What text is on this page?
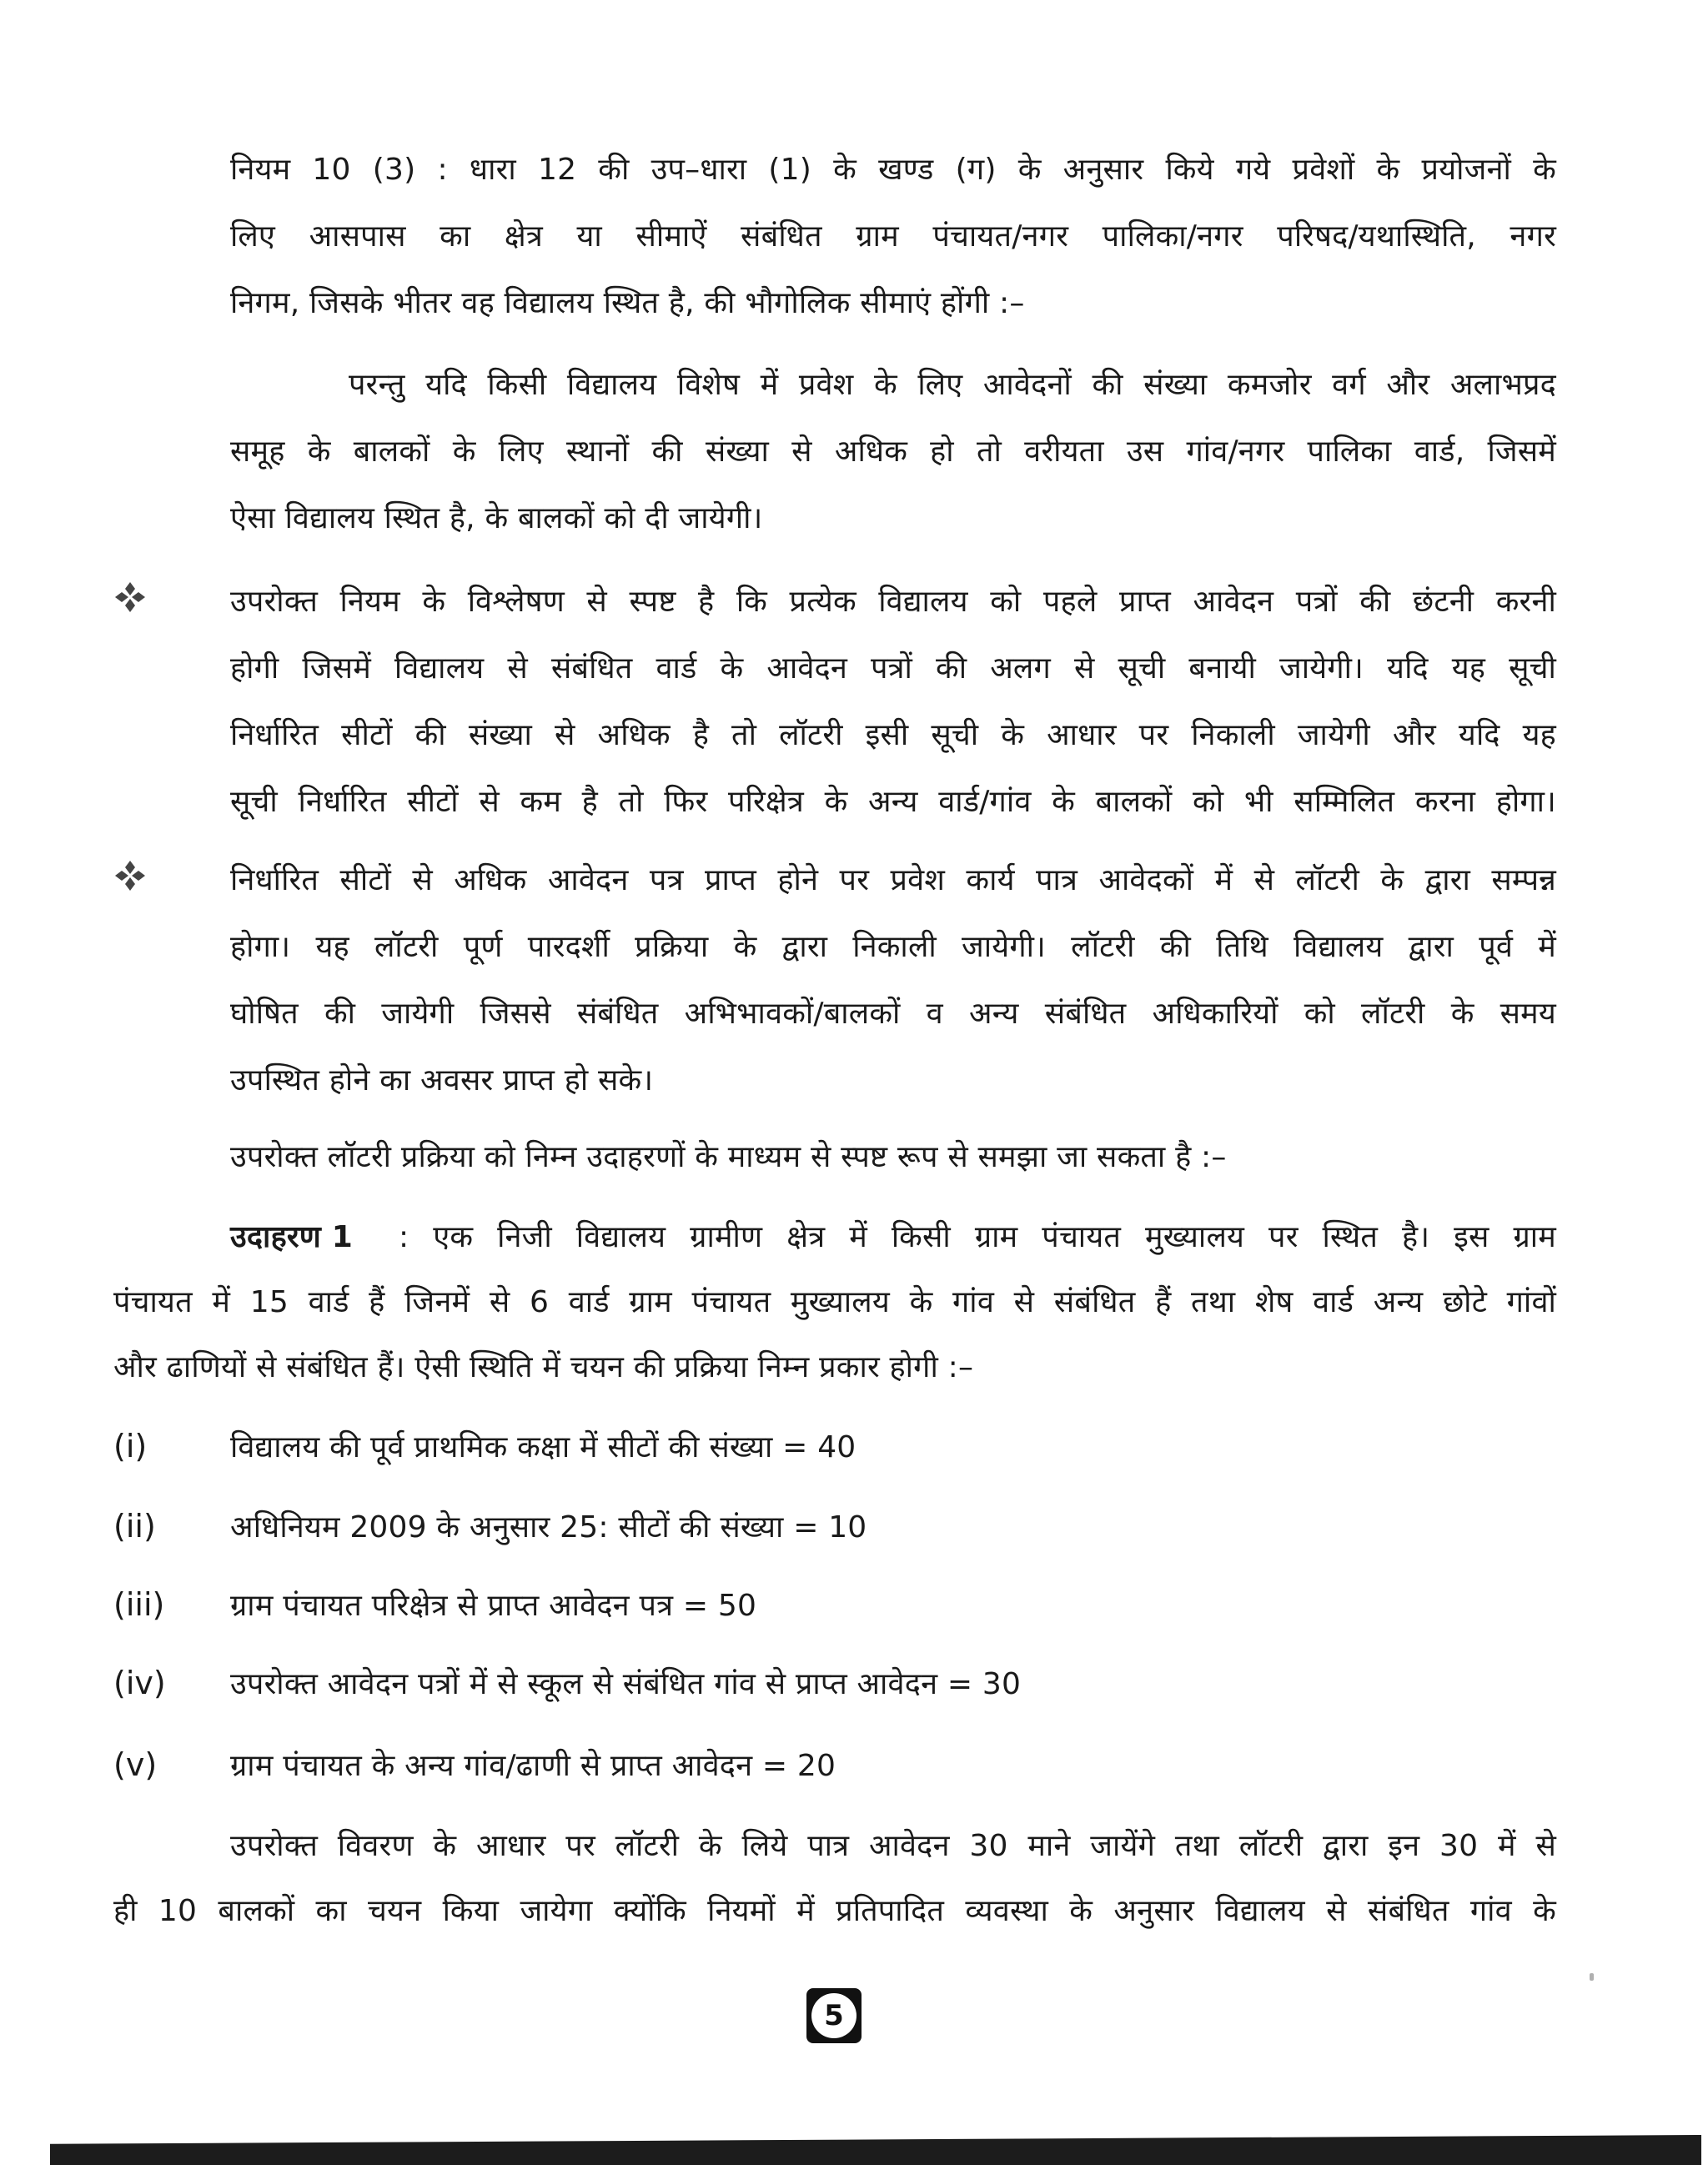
नियम 10 (3) : धारा 12 की उप–धारा (1) के खण्ड (ग) के अनुसार किये गये प्रवेशों के प्रयोजनों के
लिए आसपास का क्षेत्र या सीमाऐं संबंधित ग्राम पंचायत/नगर पालिका/नगर परिषद/यथास्थिति, नगर
निगम, जिसके भीतर वह विद्यालय स्थित है, की भौगोलिक सीमाएं होंगी :–
परन्तु यदि किसी विद्यालय विशेष में प्रवेश के लिए आवेदनों की संख्या कमजोर वर्ग और अलाभप्रद
समूह के बालकों के लिए स्थानों की संख्या से अधिक हो तो वरीयता उस गांव/नगर पालिका वार्ड, जिसमें
ऐसा विद्यालय स्थित है, के बालकों को दी जायेगी।
उपरोक्त नियम के विश्लेषण से स्पष्ट है कि प्रत्येक विद्यालय को पहले प्राप्त आवेदन पत्रों की छंटनी करनी
होगी जिसमें विद्यालय से संबंधित वार्ड के आवेदन पत्रों की अलग से सूची बनायी जायेगी। यदि यह सूची
निर्धारित सीटों की संख्या से अधिक है तो लॉटरी इसी सूची के आधार पर निकाली जायेगी और यदि यह
सूची निर्धारित सीटों से कम है तो फिर परिक्षेत्र के अन्य वार्ड/गांव के बालकों को भी सम्मिलित करना होगा।
निर्धारित सीटों से अधिक आवेदन पत्र प्राप्त होने पर प्रवेश कार्य पात्र आवेदकों में से लॉटरी के द्वारा सम्पन्न
होगा। यह लॉटरी पूर्ण पारदर्शी प्रक्रिया के द्वारा निकाली जायेगी। लॉटरी की तिथि विद्यालय द्वारा पूर्व में
घोषित की जायेगी जिससे संबंधित अभिभावकों/बालकों व अन्य संबंधित अधिकारियों को लॉटरी के समय
उपस्थित होने का अवसर प्राप्त हो सके।
उपरोक्त लॉटरी प्रक्रिया को निम्न उदाहरणों के माध्यम से स्पष्ट रूप से समझा जा सकता है :–
उदाहरण 1 : एक निजी विद्यालय ग्रामीण क्षेत्र में किसी ग्राम पंचायत मुख्यालय पर स्थित है। इस ग्राम
पंचायत में 15 वार्ड हैं जिनमें से 6 वार्ड ग्राम पंचायत मुख्यालय के गांव से संबंधित हैं तथा शेष वार्ड अन्य छोटे गांवों
और ढाणियों से संबंधित हैं। ऐसी स्थिति में चयन की प्रक्रिया निम्न प्रकार होगी :–
(i)	विद्यालय की पूर्व प्राथमिक कक्षा में सीटों की संख्या = 40
(ii) अधिनियम 2009 के अनुसार 25: सीटों की संख्या = 10
(iii) ग्राम पंचायत परिक्षेत्र से प्राप्त आवेदन पत्र = 50
(iv) उपरोक्त आवेदन पत्रों में से स्कूल से संबंधित गांव से प्राप्त आवेदन = 30
(v) ग्राम पंचायत के अन्य गांव/ढाणी से प्राप्त आवेदन = 20
उपरोक्त विवरण के आधार पर लॉटरी के लिये पात्र आवेदन 30 माने जायेंगे तथा लॉटरी द्वारा इन 30 में से
ही 10 बालकों का चयन किया जायेगा क्योंकि नियमों में प्रतिपादित व्यवस्था के अनुसार विद्यालय से संबंधित गांव के
5
